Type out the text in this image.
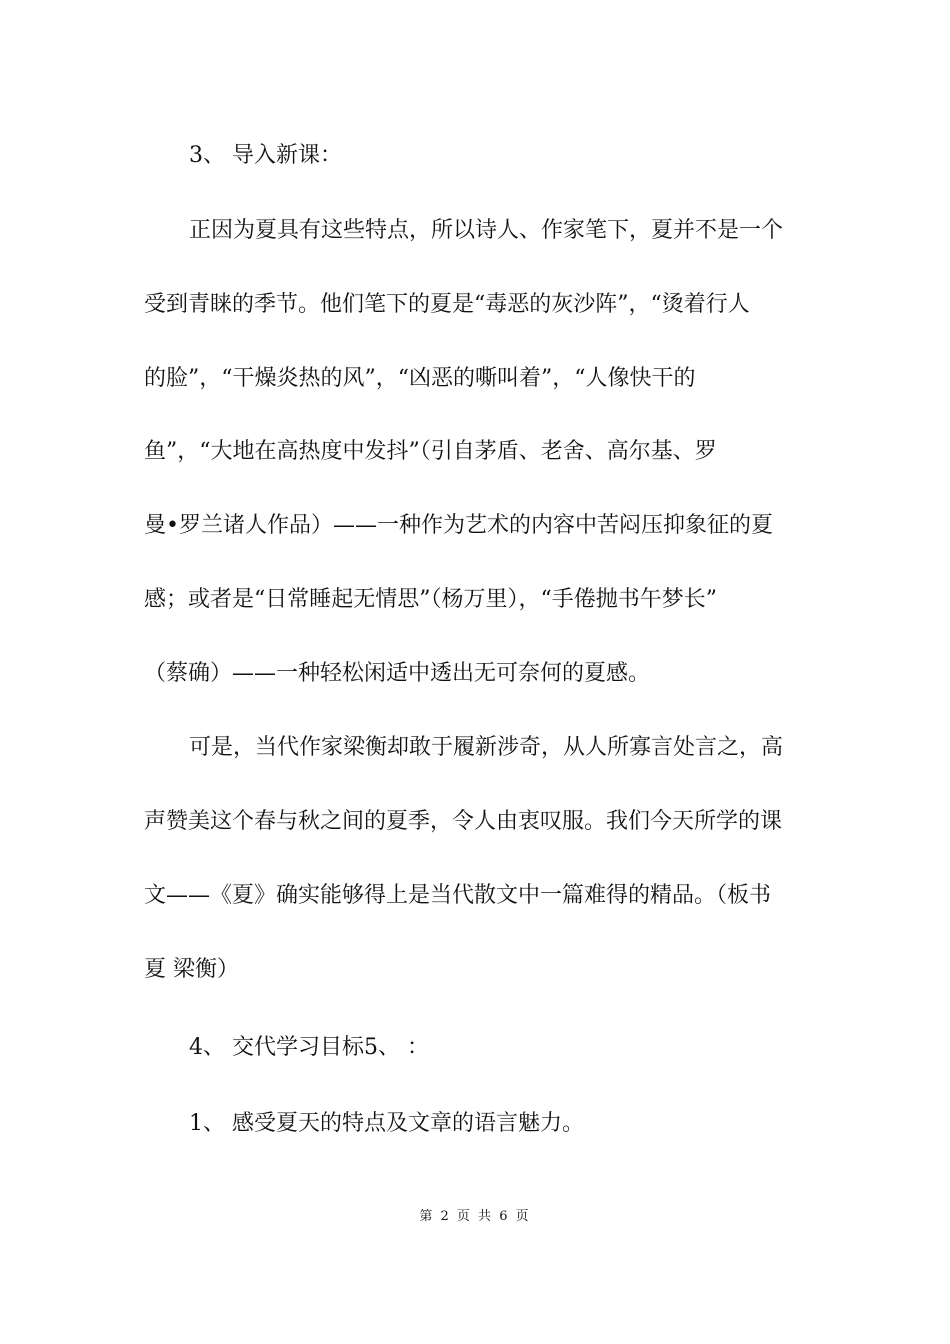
3、 导入新课：
正因为夏具有这些特点，所以诗人、作家笔下，夏并不是一个
受到青睐的季节。他们笔下的夏是“毒恶的灰沙阵”，“烫着行人
的脸”，“干燥炎热的风”，“凶恶的嘶叫着”，“人像快干的
鱼”，“大地在高热度中发抖”（引自茅盾、老舍、高尔基、罗
曼•罗兰诸人作品）——一种作为艺术的内容中苦闷压抑象征的夏
感；或者是“日常睡起无情思”（杨万里），“手倦抛书午梦长”
（蔡确）——一种轻松闲适中透出无可奈何的夏感。
可是，当代作家梁衡却敢于履新涉奇，从人所寡言处言之，高
声赞美这个春与秋之间的夏季，令人由衷叹服。我们今天所学的课
文——《夏》确实能够得上是当代散文中一篇难得的精品。（板书
夏 梁衡）
4、 交代学习目标5、 ：
1、 感受夏天的特点及文章的语言魅力。
第 2 页 共 6 页
